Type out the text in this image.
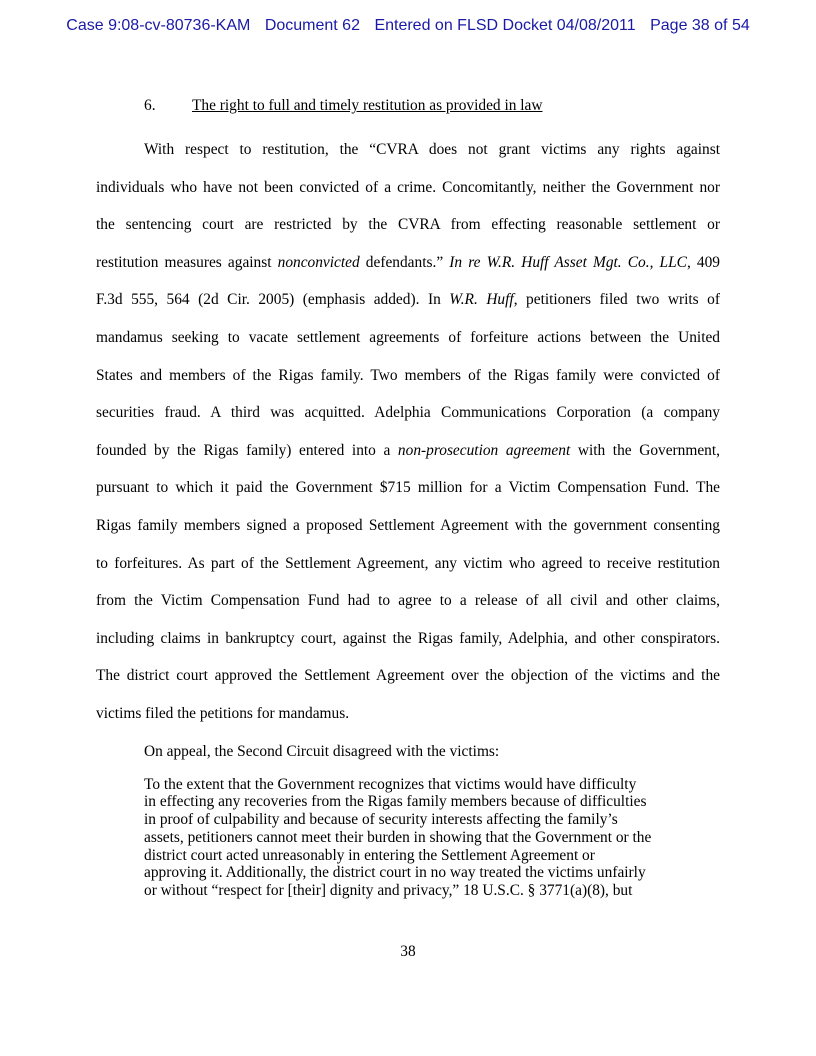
Case 9:08-cv-80736-KAM Document 62 Entered on FLSD Docket 04/08/2011 Page 38 of 54
6. The right to full and timely restitution as provided in law
With respect to restitution, the “CVRA does not grant victims any rights against
individuals who have not been convicted of a crime. Concomitantly, neither the Government nor
the sentencing court are restricted by the CVRA from effecting reasonable settlement or
restitution measures against nonconvicted defendants.” In re W.R. Huff Asset Mgt. Co., LLC, 409
F.3d 555, 564 (2d Cir. 2005) (emphasis added). In W.R. Huff, petitioners filed two writs of
mandamus seeking to vacate settlement agreements of forfeiture actions between the United
States and members of the Rigas family. Two members of the Rigas family were convicted of
securities fraud. A third was acquitted. Adelphia Communications Corporation (a company
founded by the Rigas family) entered into a non-prosecution agreement with the Government,
pursuant to which it paid the Government $715 million for a Victim Compensation Fund. The
Rigas family members signed a proposed Settlement Agreement with the government consenting
to forfeitures. As part of the Settlement Agreement, any victim who agreed to receive restitution
from the Victim Compensation Fund had to agree to a release of all civil and other claims,
including claims in bankruptcy court, against the Rigas family, Adelphia, and other conspirators.
The district court approved the Settlement Agreement over the objection of the victims and the
victims filed the petitions for mandamus.

On appeal, the Second Circuit disagreed with the victims:

To the extent that the Government recognizes that victims would have difficulty
in effecting any recoveries from the Rigas family members because of difficulties
in proof of culpability and because of security interests affecting the family’s
assets, petitioners cannot meet their burden in showing that the Government or the
district court acted unreasonably in entering the Settlement Agreement or
approving it. Additionally, the district court in no way treated the victims unfairly
or without “respect for [their] dignity and privacy,” 18 U.S.C. § 3771(a)(8), but
38
